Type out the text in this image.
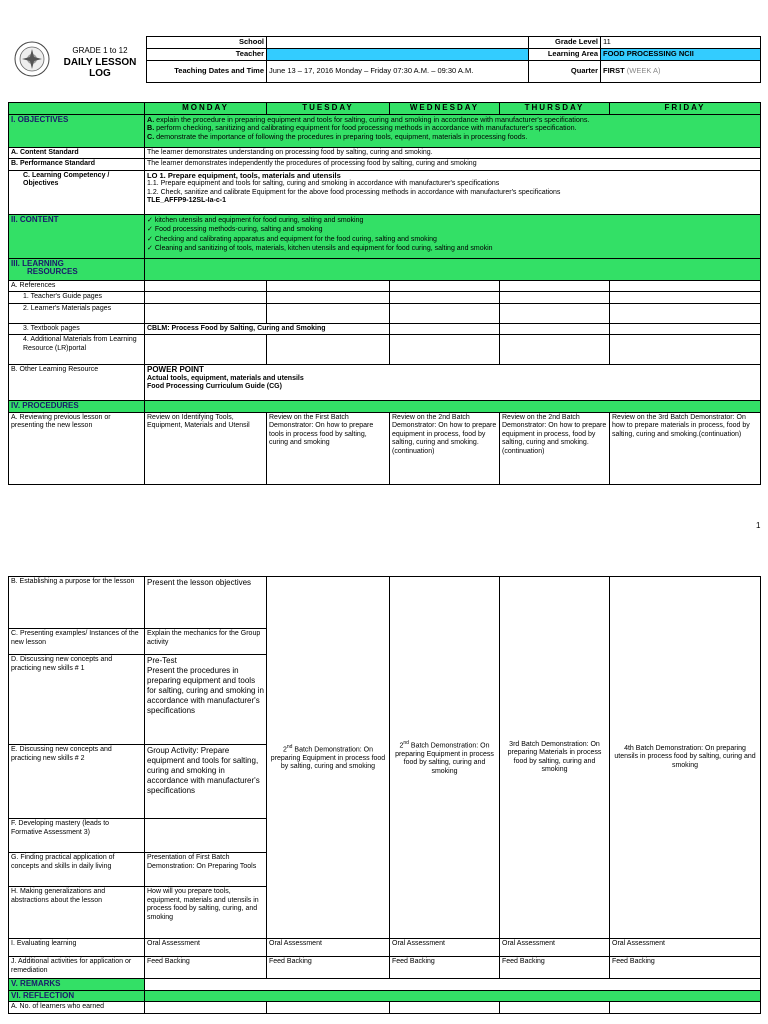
GRADE 1 to 12
DAILY LESSON
LOG
School		Grade Level	11
Teacher		Learning Area	FOOD PROCESSING NCII
Teaching Dates and Time	June 13 – 17, 2016 Monday – Friday 07:30 A.M. – 09:30 A.M.	Quarter	FIRST (WEEK A)
	MONDAY	TUESDAY	WEDNESDAY	THURSDAY	FRIDAY
I. OBJECTIVES	A. explain the procedure in preparing equipment and tools for salting, curing and smoking in accordance with manufacturer's specifications.
B. perform checking, sanitizing and calibrating equipment for food processing methods in accordance with manufacturer's specification.
C. demonstrate the importance of following the procedures in preparing tools, equipment, materials in processing foods.				

A. Content Standard	The learner demonstrates understanding on processing food by salting, curing and smoking.				
B. Performance Standard	The learner demonstrates independently the procedures of processing food by salting, curing and smoking				
C. Learning Competency / Objectives	LO 1. Prepare equipment, tools, materials and utensils
1.1. Prepare equipment and tools for salting, curing and smoking in accordance with manufacturer's specifications
1.2. Check, sanitize and calibrate Equipment for the above food processing methods in accordance with manufacturer's specifications
TLE_AFFP9-12SL-Ia-c-1				

II. CONTENT	✓ kitchen utensils and equipment for food curing, salting and smoking
✓ Food processing methods-curing, salting and smoking
✓ Checking and calibrating apparatus and equipment for the food curing, salting and smoking
✓ Cleaning and sanitizing of tools, materials, kitchen utensils and equipment for food curing, salting and smokin				

III. LEARNING
RESOURCES					

A. References					
1. Teacher's Guide pages					
2. Learner's Materials pages					
3. Textbook pages	CBLM: Process Food by Salting, Curing and Smoking				
4. Additional Materials from Learning Resource (LR)portal					
B. Other Learning Resource	POWER POINT
Actual tools, equipment, materials and utensils
Food Processing Curriculum Guide (CG)				

IV. PROCEDURES					
A. Reviewing previous lesson or presenting the new lesson	Review on Identifying Tools, Equipment, Materials and Utensil	Review on the First Batch Demonstrator: On how to prepare tools in process food by salting, curing and smoking	Review on the 2nd Batch Demonstrator: On how to prepare equipment in process, food by salting, curing and smoking. (continuation)	Review on the 2nd Batch Demonstrator: On how to prepare equipment in process, food by salting, curing and smoking. (continuation)	Review on the 3rd Batch Demonstrator: On how to prepare materials in process, food by salting, curing and smoking.(continuation)
1
B. Establishing a purpose for the lesson	Present the lesson objectives	2nd Batch Demonstration: On preparing Equipment in process food by salting, curing and smoking	2nd Batch Demonstration: On preparing Equipment in process food by salting, curing and smoking	3rd Batch Demonstration: On preparing Materials in process food by salting, curing and smoking	4th Batch Demonstration: On preparing utensils in process food by salting, curing and smoking
C. Presenting examples/ Instances of the new lesson	Explain the mechanics for the Group activity				
D. Discussing new concepts and practicing new skills # 1	Pre-Test
Present the procedures in preparing equipment and tools for salting, curing and smoking in accordance with manufacturer's specifications				
E. Discussing new concepts and practicing new skills # 2	Group Activity: Prepare equipment and tools for salting, curing and smoking in accordance with manufacturer's specifications				
F. Developing mastery (leads to Formative Assessment 3)					
G. Finding practical application of concepts and skills in daily living	Presentation of First Batch Demonstration: On Preparing Tools				
H. Making generalizations and abstractions about the lesson	How will you prepare tools, equipment, materials and utensils in process food by salting, curing, and smoking				
I. Evaluating learning	Oral Assessment	Oral Assessment	Oral Assessment	Oral Assessment	Oral Assessment
J. Additional activities for application or remediation	Feed Backing	Feed Backing	Feed Backing	Feed Backing	Feed Backing
V. REMARKS					
VI. REFLECTION					
A. No. of learners who earned					
